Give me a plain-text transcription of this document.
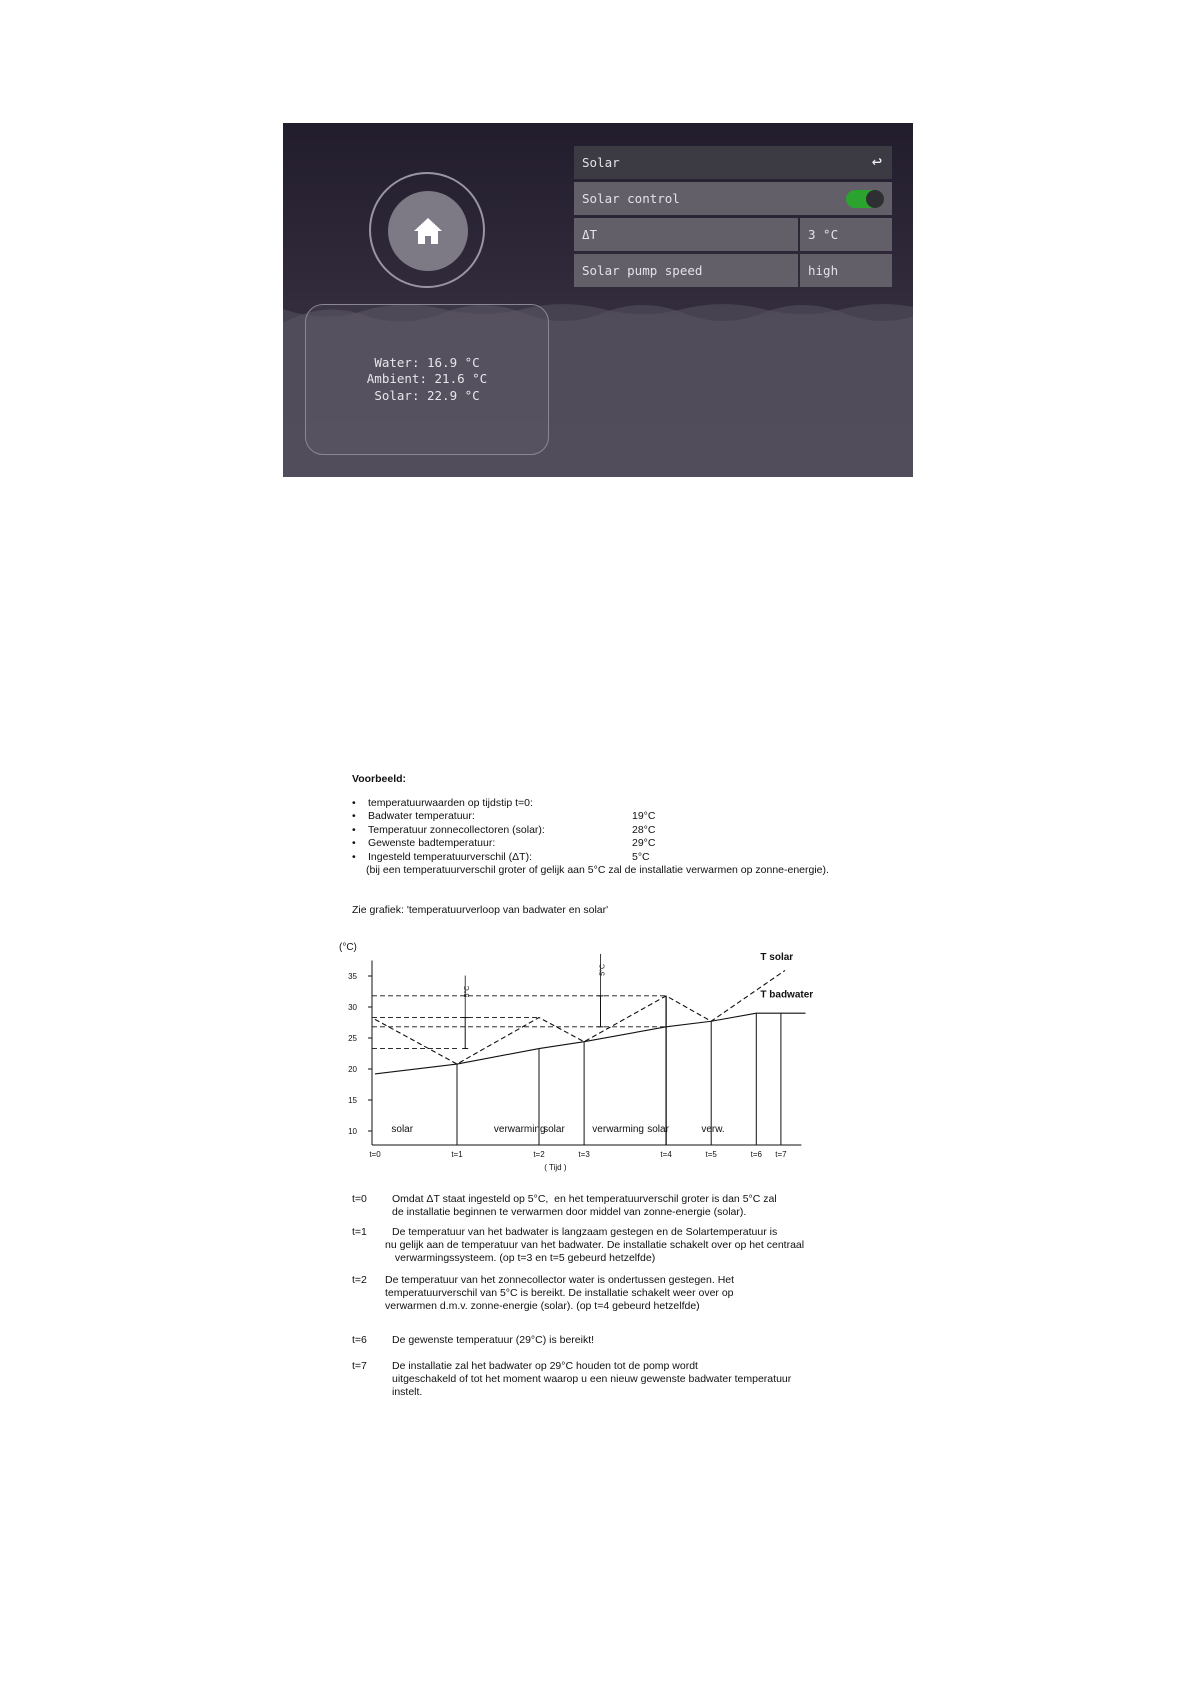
Water: 16.9 °C
Ambient: 21.6 °C
Solar: 22.9 °C
Solar	↩
Solar control
ΔT	3 °C
Solar pump speed	high
Voorbeeld:
• temperatuurwaarden op tijdstip t=0:
• Badwater temperatuur:	19°C
• Temperatuur zonnecollectoren (solar):	28°C
• Gewenste badtemperatuur:	29°C
• Ingesteld temperatuurverschil (ΔT):	5°C
(bij een temperatuurverschil groter of gelijk aan 5°C zal de installatie verwarmen op zonne-energie).
Zie grafiek: 'temperatuurverloop van badwater en solar'
10
15
20
25
30
35
(°C)
t=0	t=1	t=2	t=3	t=4	t=5	t=6 t=7
( Tijd )
T solar
T badwater
5°C
5°C
solar	verwarming
solar	verwarming solar	verw.
t=0 Omdat ΔT staat ingesteld op 5°C,  en het temperatuurverschil groter is dan 5°C zal
de installatie beginnen te verwarmen door middel van zonne-energie (solar).
t=1 De temperatuur van het badwater is langzaam gestegen en de Solartemperatuur is
nu gelijk aan de temperatuur van het badwater. De installatie schakelt over op het centraal
verwarmingssysteem. (op t=3 en t=5 gebeurd hetzelfde)
t=2 De temperatuur van het zonnecollector water is ondertussen gestegen. Het
temperatuurverschil van 5°C is bereikt. De installatie schakelt weer over op
verwarmen d.m.v. zonne-energie (solar). (op t=4 gebeurd hetzelfde)
t=6 De gewenste temperatuur (29°C) is bereikt!
t=7 De installatie zal het badwater op 29°C houden tot de pomp wordt
uitgeschakeld of tot het moment waarop u een nieuw gewenste badwater temperatuur
instelt.
